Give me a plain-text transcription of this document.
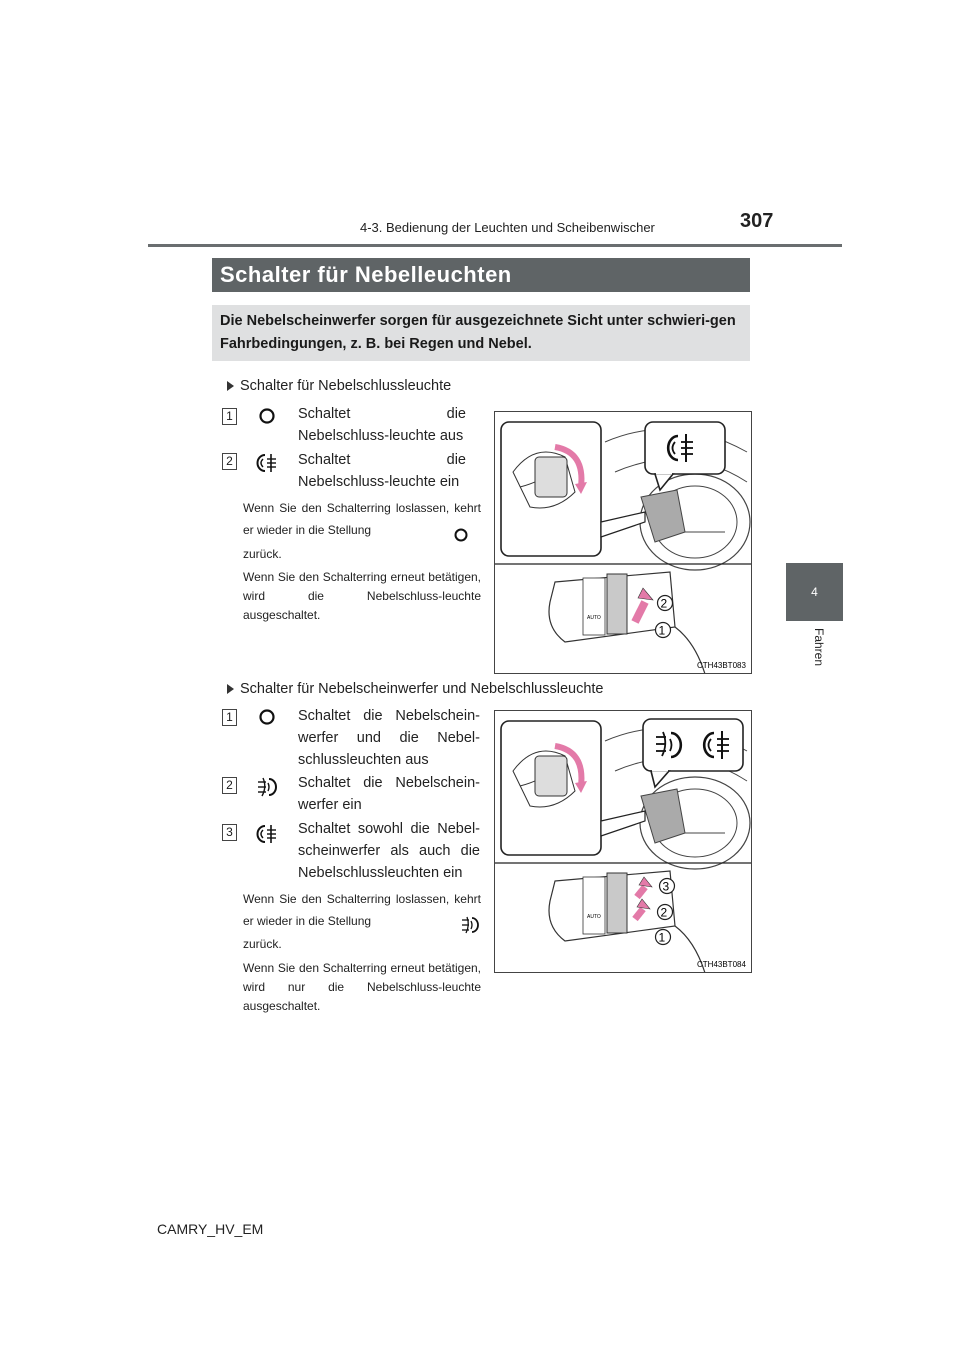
4-3. Bedienung der Leuchten und Scheibenwischer	307
4
Fahren
Schalter für Nebelleuchten
Die Nebelscheinwerfer sorgen für ausgezeichnete Sicht unter schwieri-gen Fahrbedingungen, z. B. bei Regen und Nebel.
Schalter für Nebelschlussleuchte
1	Schaltet die Nebelschluss-leuchte aus
2	Schaltet die Nebelschluss-leuchte ein
Wenn Sie den Schalterring loslassen, kehrt er wieder in die Stellung
zurück.
Wenn Sie den Schalterring erneut betätigen, wird die Nebelschluss-leuchte ausgeschaltet.	AUTO
2
1
CTH43BT083
Schalter für Nebelscheinwerfer und Nebelschlussleuchte
1	Schaltet die Nebelschein-werfer und die Nebel-schlussleuchten aus
2	Schaltet die Nebelschein-werfer ein
3	Schaltet sowohl die Nebel-scheinwerfer als auch die Nebelschlussleuchten ein
Wenn Sie den Schalterring loslassen, kehrt er wieder in die Stellung
zurück.
Wenn Sie den Schalterring erneut betätigen, wird nur die Nebelschluss-leuchte ausgeschaltet.
AUTO
3
2
1
CTH43BT084
CAMRY_HV_EM
